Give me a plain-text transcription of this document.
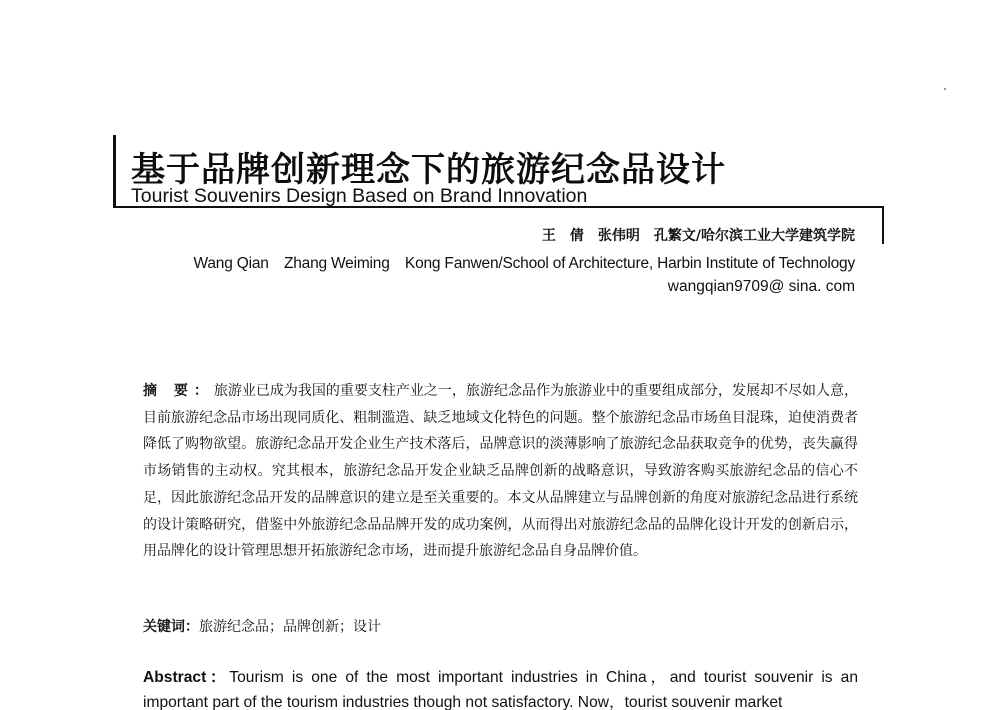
基于品牌创新理念下的旅游纪念品设计
Tourist Souvenirs Design Based on Brand Innovation
王　倩　张伟明　孔繁文/哈尔滨工业大学建筑学院
Wang Qian　Zhang Weiming　Kong Fanwen/School of Architecture, Harbin Institute of Technology
wangqian9709@ sina. com
摘 要：旅游业已成为我国的重要支柱产业之一，旅游纪念品作为旅游业中的重要组成部分，发展却不尽如人意，目前旅游纪念品市场出现同质化、粗制滥造、缺乏地域文化特色的问题。整个旅游纪念品市场鱼目混珠，迫使消费者降低了购物欲望。旅游纪念品开发企业生产技术落后，品牌意识的淡薄影响了旅游纪念品获取竞争的优势，丧失赢得市场销售的主动权。究其根本，旅游纪念品开发企业缺乏品牌创新的战略意识，导致游客购买旅游纪念品的信心不足，因此旅游纪念品开发的品牌意识的建立是至关重要的。本文从品牌建立与品牌创新的角度对旅游纪念品进行系统的设计策略研究，借鉴中外旅游纪念品品牌开发的成功案例，从而得出对旅游纪念品的品牌化设计开发的创新启示，用品牌化的设计管理思想开拓旅游纪念市场，进而提升旅游纪念品自身品牌价值。
关键词：旅游纪念品；品牌创新；设计
Abstract：Tourism is one of the most important industries in China，and tourist souvenir is an important part of the tourism industries though not satisfactory. Now，tourist souvenir market
